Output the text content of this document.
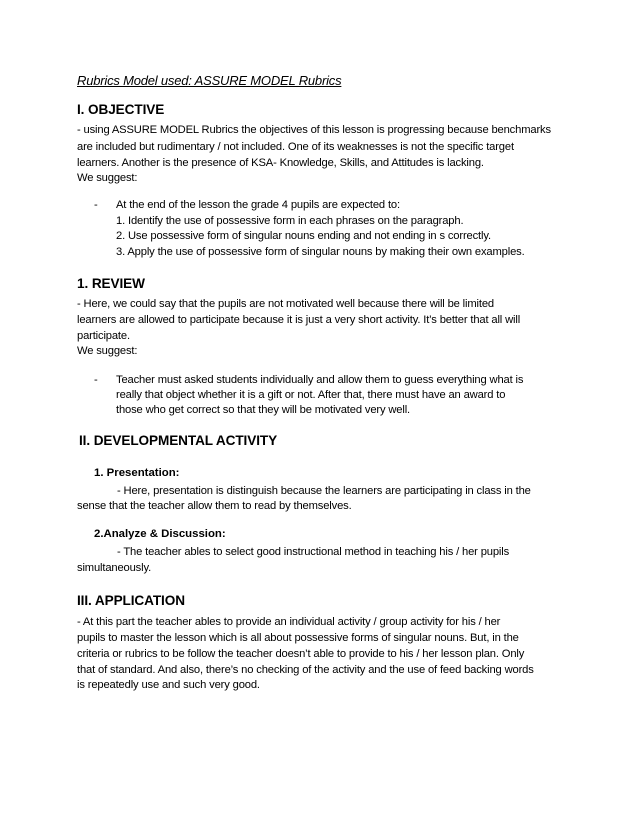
Rubrics Model used: ASSURE MODEL Rubrics
I. OBJECTIVE
- using ASSURE MODEL Rubrics the objectives of this lesson is progressing because benchmarks
are included but rudimentary / not included. One of its weaknesses is not the specific target
learners. Another is the presence of KSA- Knowledge, Skills, and Attitudes is lacking.
We suggest:
- At the end of the lesson the grade 4 pupils are expected to:
1. Identify the use of possessive form in each phrases on the paragraph.
2. Use possessive form of singular nouns ending and not ending in s correctly.
3. Apply the use of possessive form of singular nouns by making their own examples.
1. REVIEW
- Here, we could say that the pupils are not motivated well because there will be limited
learners are allowed to participate because it is just a very short activity. It’s better that all will
participate.
We suggest:
- Teacher must asked students individually and allow them to guess everything what is
really that object whether it is a gift or not. After that, there must have an award to
those who get correct so that they will be motivated very well.
II. DEVELOPMENTAL ACTIVITY
1. Presentation:
- Here, presentation is distinguish because the learners are participating in class in the
sense that the teacher allow them to read by themselves.
2.Analyze & Discussion:
- The teacher ables to select good instructional method in teaching his / her pupils
simultaneously.
III. APPLICATION
- At this part the teacher ables to provide an individual activity / group activity for his / her
pupils to master the lesson which is all about possessive forms of singular nouns. But, in the
criteria or rubrics to be follow the teacher doesn’t able to provide to his / her lesson plan. Only
that of standard. And also, there’s no checking of the activity and the use of feed backing words
is repeatedly use and such very good.
